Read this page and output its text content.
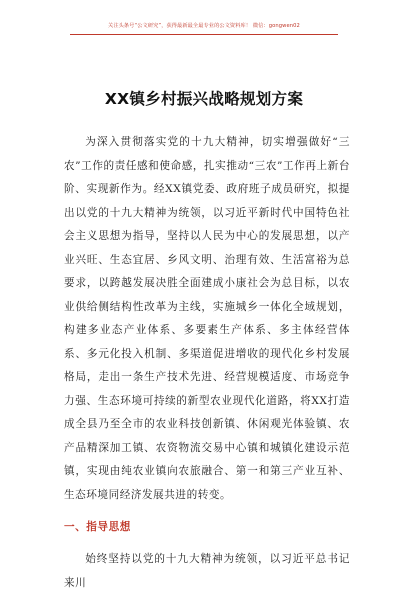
关注头条号“公文研究”，获得最新最全最专业的公文资料库！ 微信：gongwen02
XX镇乡村振兴战略规划方案

为深入贯彻落实党的十九大精神，切实增强做好“三农”工作的责任感和使命感，扎实推动“三农”工作再上新台阶、实现新作为。经XX镇党委、政府班子成员研究，拟提出以党的十九大精神为统领，以习近平新时代中国特色社会主义思想为指导，坚持以人民为中心的发展思想，以产业兴旺、生态宜居、乡风文明、治理有效、生活富裕为总要求，以跨越发展决胜全面建成小康社会为总目标，以农业供给侧结构性改革为主线，实施城乡一体化全域规划，构建多业态产业体系、多要素生产体系、多主体经营体系、多元化投入机制、多渠道促进增收的现代化乡村发展格局，走出一条生产技术先进、经营规模适度、市场竞争力强、生态环境可持续的新型农业现代化道路，将XX打造成全县乃至全市的农业科技创新镇、休闲观光体验镇、农产品精深加工镇、农资物流交易中心镇和城镇化建设示范镇，实现由纯农业镇向农旅融合、第一和第三产业互补、生态环境同经济发展共进的转变。

一、指导思想

始终坚持以党的十九大精神为统领，以习近平总书记来川
